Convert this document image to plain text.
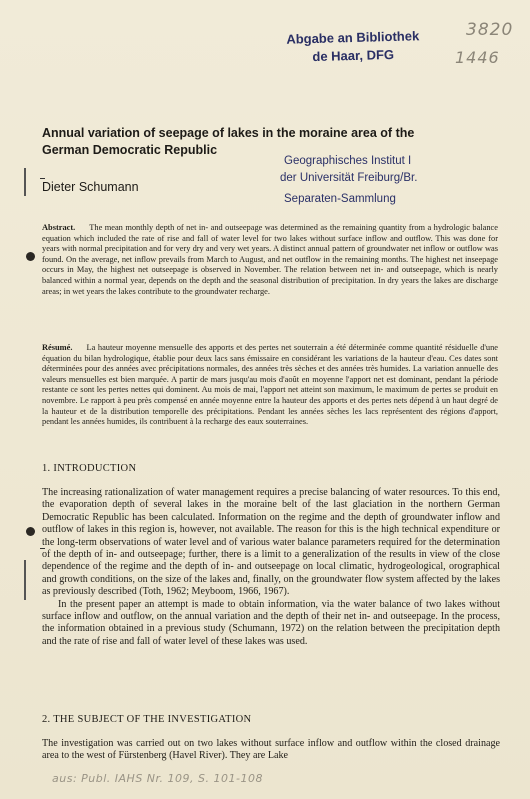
Abgabe an Bibliothek
de Haar, DFG
3820
1446
Annual variation of seepage of lakes in the moraine area of the German Democratic Republic
Dieter Schumann
Geographisches Institut I
der Universität Freiburg/Br.
Separaten-Sammlung
Abstract. The mean monthly depth of net in- and outseepage was determined as the remaining quantity from a hydrologic balance equation which included the rate of rise and fall of water level for two lakes without surface inflow and outflow. This was done for years with normal precipitation and for very dry and very wet years. A distinct annual pattern of groundwater net inflow or outflow was found. On the average, net inflow prevails from March to August, and net outflow in the remaining months. The highest net inseepage occurs in May, the highest net outseepage is observed in November. The relation between net in- and outseepage, which is nearly balanced within a normal year, depends on the depth and the seasonal distribution of precipitation. In dry years the lakes are discharge areas; in wet years the lakes contribute to the groundwater recharge.
Résumé. La hauteur moyenne mensuelle des apports et des pertes net souterrain a été déterminée comme quantité résiduelle d'une équation du bilan hydrologique, établie pour deux lacs sans émissaire en considérant les variations de la hauteur d'eau. Ces dates sont déterminées pour des années avec précipitations normales, des années très sèches et des années très humides. La variation annuelle des valeurs mensuelles est bien marquée. A partir de mars jusqu'au mois d'août en moyenne l'apport net est dominant, pendant la période restante ce sont les pertes nettes qui dominent. Au mois de mai, l'apport net atteint son maximum, le maximum de pertes se produit en novembre. Le rapport à peu près compensé en année moyenne entre la hauteur des apports et des pertes nets dépend à un haut degré de la hauteur et de la distribution temporelle des précipitations. Pendant les années sèches les lacs représentent des régions d'apport, pendant les années humides, ils contribuent à la recharge des eaux souterraines.
1. INTRODUCTION

The increasing rationalization of water management requires a precise balancing of water resources. To this end, the evaporation depth of several lakes in the moraine belt of the last glaciation in the northern German Democratic Republic has been calculated. Information on the regime and the depth of groundwater inflow and outflow of lakes in this region is, however, not available. The reason for this is the high technical expenditure or the long-term observations of water level and of various water balance parameters required for the determination of the depth of in- and outseepage; further, there is a limit to a generalization of the results in view of the close dependence of the regime and the depth of in- and outseepage on local climatic, hydrogeological, orographical and growth conditions, on the size of the lakes and, finally, on the groundwater flow system affected by the lakes as previously described (Toth, 1962; Meyboom, 1966, 1967).

In the present paper an attempt is made to obtain information, via the water balance of two lakes without surface inflow and outflow, on the annual variation and the depth of their net in- and outseepage. In the process, the information obtained in a previous study (Schumann, 1972) on the relation between the precipitation depth and the rate of rise and fall of water level of these lakes was used.

2. THE SUBJECT OF THE INVESTIGATION

The investigation was carried out on two lakes without surface inflow and outflow within the closed drainage area to the west of Fürstenberg (Havel River). They are Lake

aus: Publ. IAHS Nr. 109, S. 101-108
